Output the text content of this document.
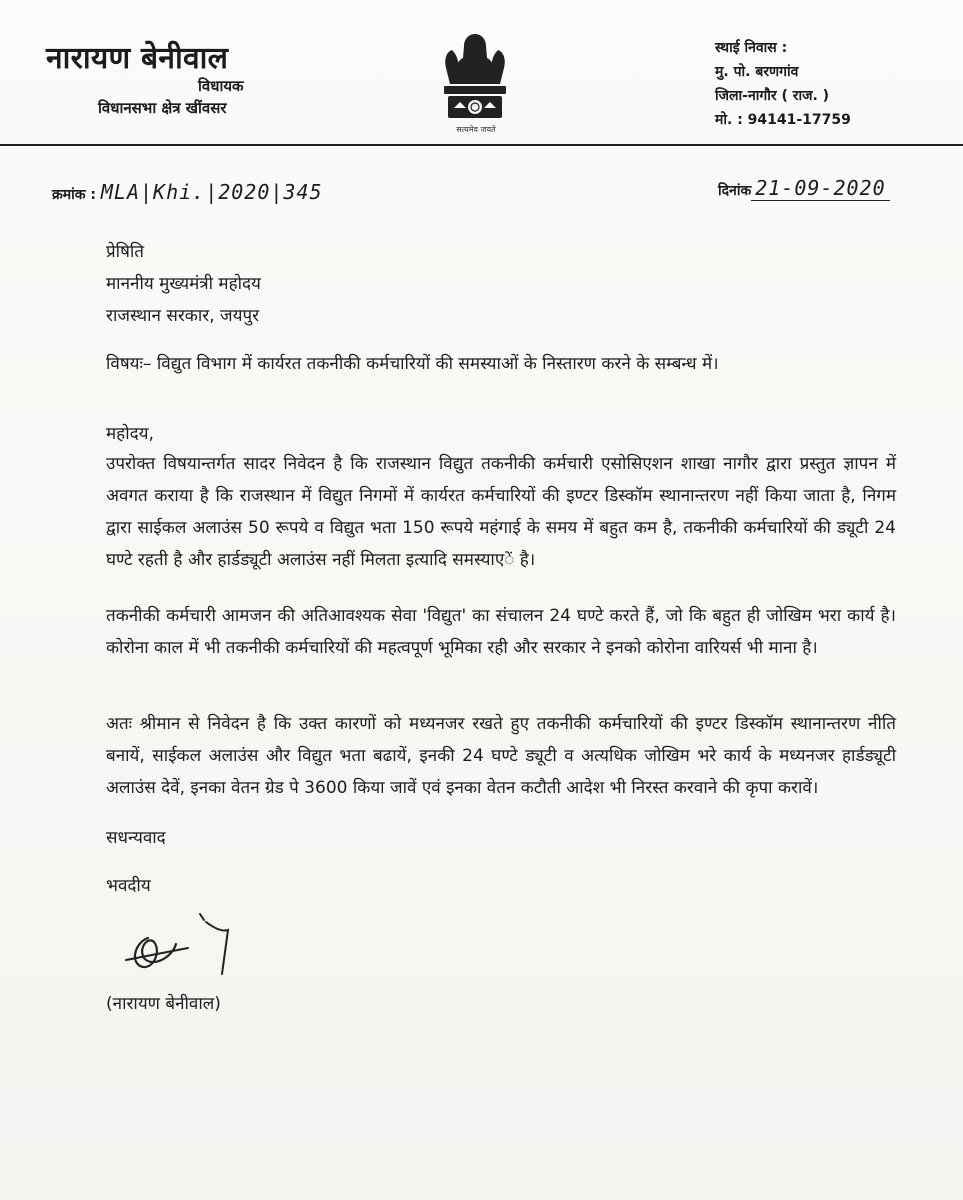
नारायण बेनीवाल
विधायक
विधानसभा क्षेत्र खींवसर
सत्यमेव जयते
स्थाई निवास :
मु. पो. बरणगांव
जिला-नागौर ( राज. )
मो. : 94141-17759
क्रमांक : MLA|Khi.|2020|345	दिनांक 21-09-2020

प्रेषिति

माननीय मुख्यमंत्री महोदय

राजस्थान सरकार, जयपुर

विषयः– विद्युत विभाग में कार्यरत तकनीकी कर्मचारियों की समस्याओं के निस्तारण करने के सम्बन्ध में।
महोदय,
उपरोक्त विषयान्तर्गत सादर निवेदन है कि राजस्थान विद्युत तकनीकी कर्मचारी एसोसिएशन शाखा नागौर द्वारा प्रस्तुत ज्ञापन में अवगत कराया है कि राजस्थान में विद्युत निगमों में कार्यरत कर्मचारियों की इण्टर डिस्कॉम स्थानान्तरण नहीं किया जाता है, निगम द्वारा साईकल अलाउंस 50 रूपये व विद्युत भता 150 रूपये महंगाई के समय में बहुत कम है, तकनीकी कर्मचारियों की ड्यूटी 24 घण्टे रहती है और हार्डड्यूटी अलाउंस नहीं मिलता इत्यादि समस्याएें है।
तकनीकी कर्मचारी आमजन की अतिआवश्यक सेवा 'विद्युत' का संचालन 24 घण्टे करते हैं, जो कि बहुत ही जोखिम भरा कार्य है। कोरोना काल में भी तकनीकी कर्मचारियों की महत्वपूर्ण भूमिका रही और सरकार ने इनको कोरोना वारियर्स भी माना है।
अतः श्रीमान से निवेदन है कि उक्त कारणों को मध्यनजर रखते हुए तकनीकी कर्मचारियों की इण्टर डिस्कॉम स्थानान्तरण नीति बनायें, साईकल अलाउंस और विद्युत भता बढायें, इनकी 24 घण्टे ड्यूटी व अत्यधिक जोखिम भरे कार्य के मध्यनजर हार्डड्यूटी अलाउंस देवें, इनका वेतन ग्रेड पे 3600 किया जावें एवं इनका वेतन कटौती आदेश भी निरस्त करवाने की कृपा करावें।
सधन्यवाद
भवदीय
(नारायण बेनीवाल)
